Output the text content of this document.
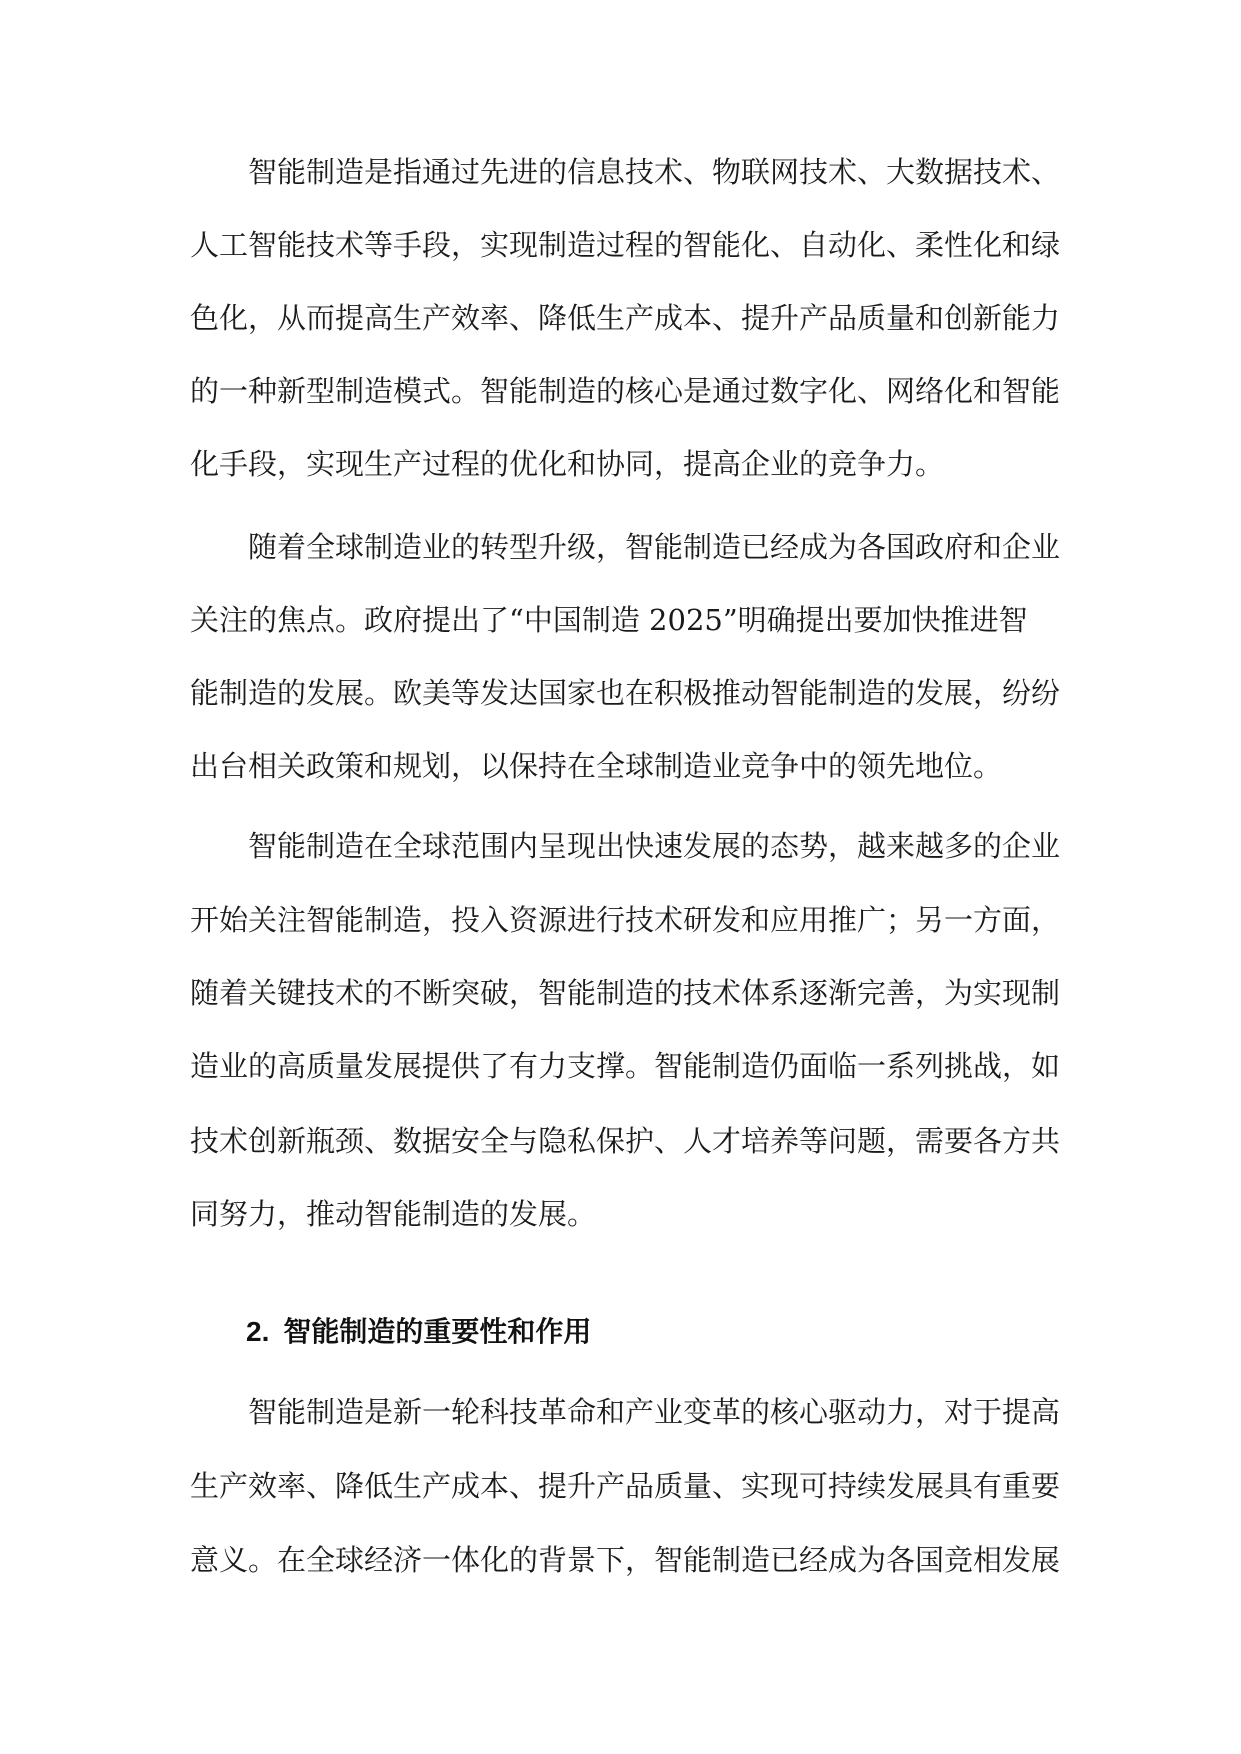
智能制造是指通过先进的信息技术、物联网技术、大数据技术、
人工智能技术等手段，实现制造过程的智能化、自动化、柔性化和绿
色化，从而提高生产效率、降低生产成本、提升产品质量和创新能力
的一种新型制造模式。智能制造的核心是通过数字化、网络化和智能
化手段，实现生产过程的优化和协同，提高企业的竞争力。
随着全球制造业的转型升级，智能制造已经成为各国政府和企业
关注的焦点。政府提出了“中国制造 2025”明确提出要加快推进智
能制造的发展。欧美等发达国家也在积极推动智能制造的发展，纷纷
出台相关政策和规划，以保持在全球制造业竞争中的领先地位。
智能制造在全球范围内呈现出快速发展的态势，越来越多的企业
开始关注智能制造，投入资源进行技术研发和应用推广；另一方面，
随着关键技术的不断突破，智能制造的技术体系逐渐完善，为实现制
造业的高质量发展提供了有力支撑。智能制造仍面临一系列挑战，如
技术创新瓶颈、数据安全与隐私保护、人才培养等问题，需要各方共
同努力，推动智能制造的发展。
智能制造是新一轮科技革命和产业变革的核心驱动力，对于提高
生产效率、降低生产成本、提升产品质量、实现可持续发展具有重要
意义。在全球经济一体化的背景下，智能制造已经成为各国竞相发展
2. 智能制造的重要性和作用
